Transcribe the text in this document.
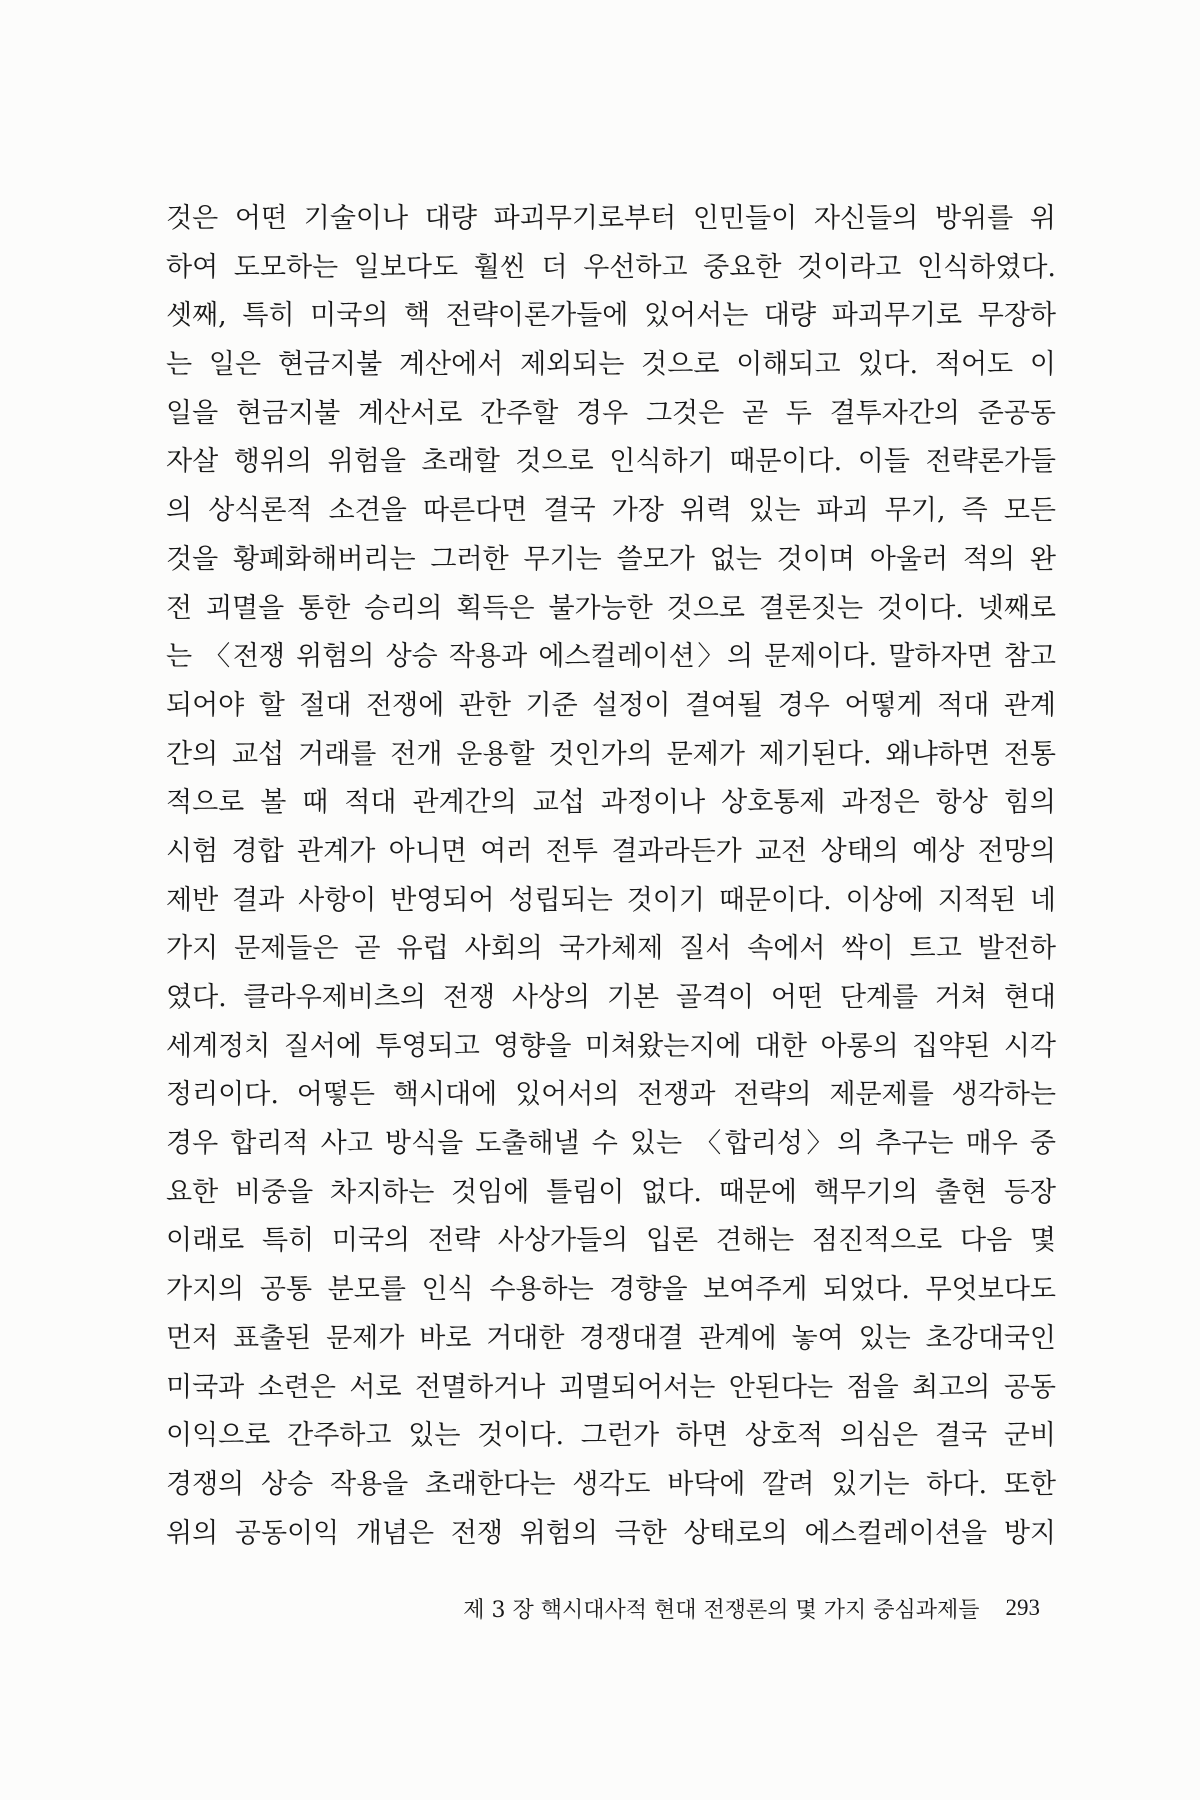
것은 어떤 기술이나 대량 파괴무기로부터 인민들이 자신들의 방위를 위
하여 도모하는 일보다도 훨씬 더 우선하고 중요한 것이라고 인식하였다.
셋째, 특히 미국의 핵 전략이론가들에 있어서는 대량 파괴무기로 무장하
는 일은 현금지불 계산에서 제외되는 것으로 이해되고 있다. 적어도 이
일을 현금지불 계산서로 간주할 경우 그것은 곧 두 결투자간의 준공동
자살 행위의 위험을 초래할 것으로 인식하기 때문이다. 이들 전략론가들
의 상식론적 소견을 따른다면 결국 가장 위력 있는 파괴 무기, 즉 모든
것을 황폐화해버리는 그러한 무기는 쓸모가 없는 것이며 아울러 적의 완
전 괴멸을 통한 승리의 획득은 불가능한 것으로 결론짓는 것이다. 넷째로
는 〈전쟁 위험의 상승 작용과 에스컬레이션〉의 문제이다. 말하자면 참고
되어야 할 절대 전쟁에 관한 기준 설정이 결여될 경우 어떻게 적대 관계
간의 교섭 거래를 전개 운용할 것인가의 문제가 제기된다. 왜냐하면 전통
적으로 볼 때 적대 관계간의 교섭 과정이나 상호통제 과정은 항상 힘의
시험 경합 관계가 아니면 여러 전투 결과라든가 교전 상태의 예상 전망의
제반 결과 사항이 반영되어 성립되는 것이기 때문이다. 이상에 지적된 네
가지 문제들은 곧 유럽 사회의 국가체제 질서 속에서 싹이 트고 발전하
였다. 클라우제비츠의 전쟁 사상의 기본 골격이 어떤 단계를 거쳐 현대
세계정치 질서에 투영되고 영향을 미쳐왔는지에 대한 아롱의 집약된 시각
정리이다. 어떻든 핵시대에 있어서의 전쟁과 전략의 제문제를 생각하는
경우 합리적 사고 방식을 도출해낼 수 있는 〈합리성〉의 추구는 매우 중
요한 비중을 차지하는 것임에 틀림이 없다. 때문에 핵무기의 출현 등장
이래로 특히 미국의 전략 사상가들의 입론 견해는 점진적으로 다음 몇
가지의 공통 분모를 인식 수용하는 경향을 보여주게 되었다. 무엇보다도
먼저 표출된 문제가 바로 거대한 경쟁대결 관계에 놓여 있는 초강대국인
미국과 소련은 서로 전멸하거나 괴멸되어서는 안된다는 점을 최고의 공동
이익으로 간주하고 있는 것이다. 그런가 하면 상호적 의심은 결국 군비
경쟁의 상승 작용을 초래한다는 생각도 바닥에 깔려 있기는 하다. 또한
위의 공동이익 개념은 전쟁 위험의 극한 상태로의 에스컬레이션을 방지
제 3 장 핵시대사적 현대 전쟁론의 몇 가지 중심과제들 293
